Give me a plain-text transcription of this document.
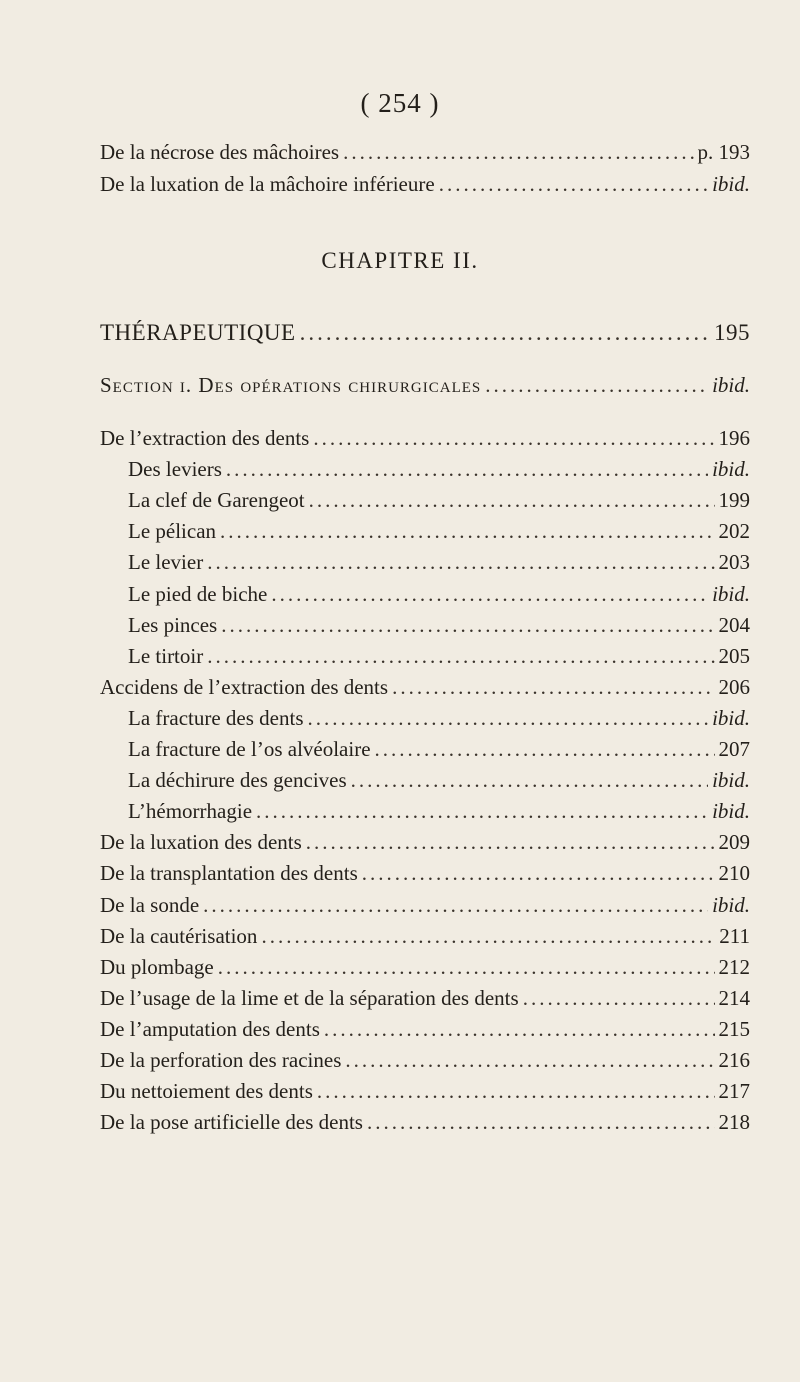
( 254 )
De la nécrose des mâchoires .....	p. 193
De la luxation de la mâchoire inférieure .....	ibid.
CHAPITRE II.
THÉRAPEUTIQUE .....	195
Section i. Des opérations chirurgicales .....	ibid.
De l’extraction des dents .....	196
Des leviers .....	ibid.
La clef de Garengeot .....	199
Le pélican .....	202
Le levier .....	203
Le pied de biche .....	ibid.
Les pinces .....	204
Le tirtoir .....	205
Accidens de l’extraction des dents .....	206
La fracture des dents .....	ibid.
La fracture de l’os alvéolaire .....	207
La déchirure des gencives .....	ibid.
L’hémorrhagie .....	ibid.
De la luxation des dents .....	209
De la transplantation des dents .....	210
De la sonde .....	ibid.
De la cautérisation .....	211
Du plombage .....	212
De l’usage de la lime et de la séparation des dents .....	214
De l’amputation des dents .....	215
De la perforation des racines .....	216
Du nettoiement des dents .....	217
De la pose artificielle des dents .....	218
